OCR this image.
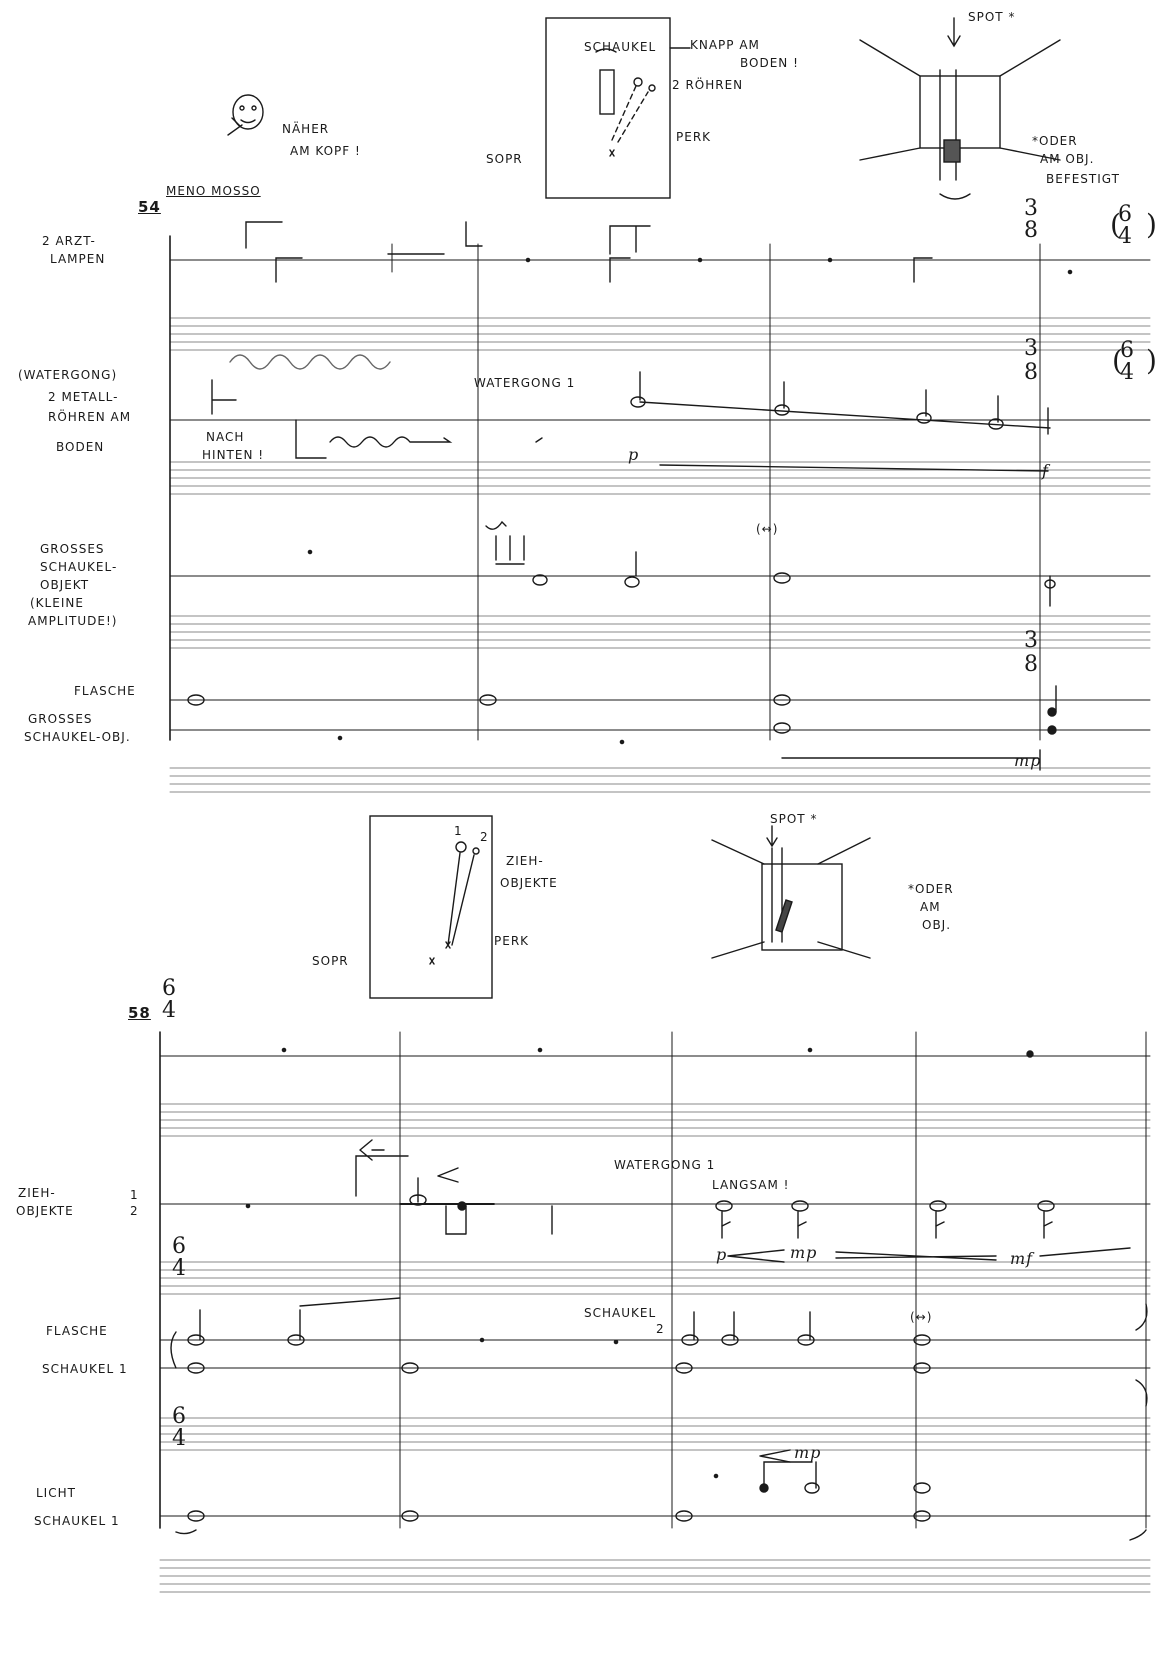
SCHAUKEL	KNAPP AM
BODEN !
2 RÖHREN
PERK
SOPR
SPOT *
*ODER
AM OBJ.
BEFESTIGT
NÄHER
AM KOPF !
54
MENO MOSSO
2 ARZT-
LAMPEN
(WATERGONG)
2 METALL-
RÖHREN AM
BODEN
GROSSES
SCHAUKEL-
OBJEKT
(KLEINE
AMPLITUDE!)
FLASCHE
GROSSES
SCHAUKEL-OBJ.
WATERGONG 1
NACH
HINTEN !
(↔)
p
f
mp
3
8
3
8
3
8
6
4
6
4
( )
( )
1 2
ZIEH-
OBJEKTE
PERK
SOPR
SPOT *
*ODER
AM
OBJ.
58
6
4
6
4
6
4
ZIEH-
OBJEKTE
1
2
FLASCHE
SCHAUKEL 1
LICHT
SCHAUKEL 1
WATERGONG 1
LANGSAM !
SCHAUKEL
2
(↔)
p	mp	mf
mp
